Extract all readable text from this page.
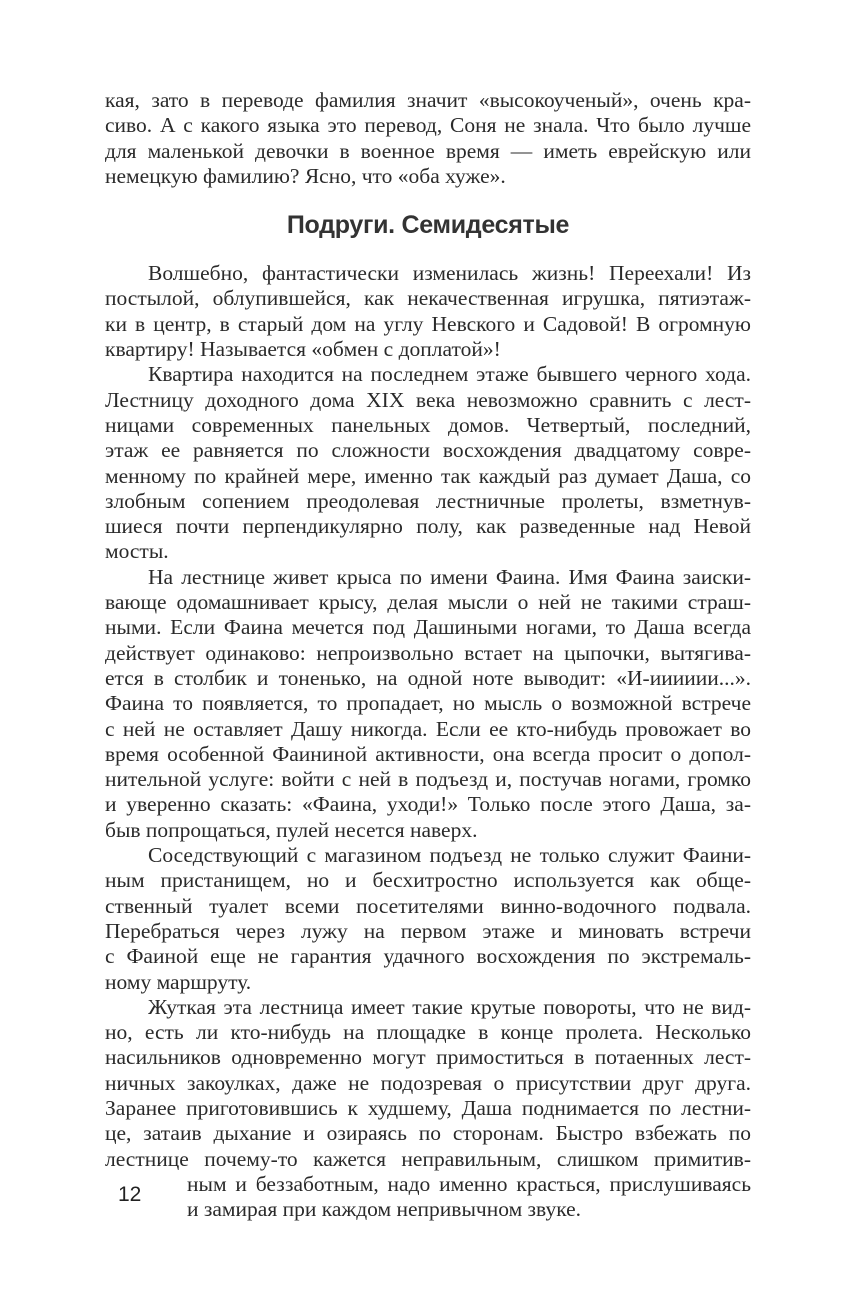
кая, зато в переводе фамилия значит «высокоученый», очень кра-
сиво. А с какого языка это перевод, Соня не знала. Что было лучше
для маленькой девочки в военное время — иметь еврейскую или
немецкую фамилию? Ясно, что «оба хуже».
Подруги. Семидесятые
Волшебно, фантастически изменилась жизнь! Переехали! Из
постылой, облупившейся, как некачественная игрушка, пятиэтаж-
ки в центр, в старый дом на углу Невского и Садовой! В огромную
квартиру! Называется «обмен с доплатой»!
Квартира находится на последнем этаже бывшего черного хода.
Лестницу доходного дома XIX века невозможно сравнить с лест-
ницами современных панельных домов. Четвертый, последний,
этаж ее равняется по сложности восхождения двадцатому совре-
менному по крайней мере, именно так каждый раз думает Даша, со
злобным сопением преодолевая лестничные пролеты, взметнув-
шиеся почти перпендикулярно полу, как разведенные над Невой
мосты.
На лестнице живет крыса по имени Фаина. Имя Фаина заиски-
вающе одомашнивает крысу, делая мысли о ней не такими страш-
ными. Если Фаина мечется под Дашиными ногами, то Даша всегда
действует одинаково: непроизвольно встает на цыпочки, вытягива-
ется в столбик и тоненько, на одной ноте выводит: «И-ииииии...».
Фаина то появляется, то пропадает, но мысль о возможной встрече
с ней не оставляет Дашу никогда. Если ее кто-нибудь провожает во
время особенной Фаининой активности, она всегда просит о допол-
нительной услуге: войти с ней в подъезд и, постучав ногами, громко
и уверенно сказать: «Фаина, уходи!» Только после этого Даша, за-
быв попрощаться, пулей несется наверх.
Соседствующий с магазином подъезд не только служит Фаини-
ным пристанищем, но и бесхитростно используется как обще-
ственный туалет всеми посетителями винно-водочного подвала.
Перебраться через лужу на первом этаже и миновать встречи
с Фаиной еще не гарантия удачного восхождения по экстремаль-
ному маршруту.
Жуткая эта лестница имеет такие крутые повороты, что не вид-
но, есть ли кто-нибудь на площадке в конце пролета. Несколько
насильников одновременно могут примоститься в потаенных лест-
ничных закоулках, даже не подозревая о присутствии друг друга.
Заранее приготовившись к худшему, Даша поднимается по лестни-
це, затаив дыхание и озираясь по сторонам. Быстро взбежать по
лестнице почему-то кажется неправильным, слишком примитив-
ным и беззаботным, надо именно красться, прислушиваясь
и замирая при каждом непривычном звуке.
12
